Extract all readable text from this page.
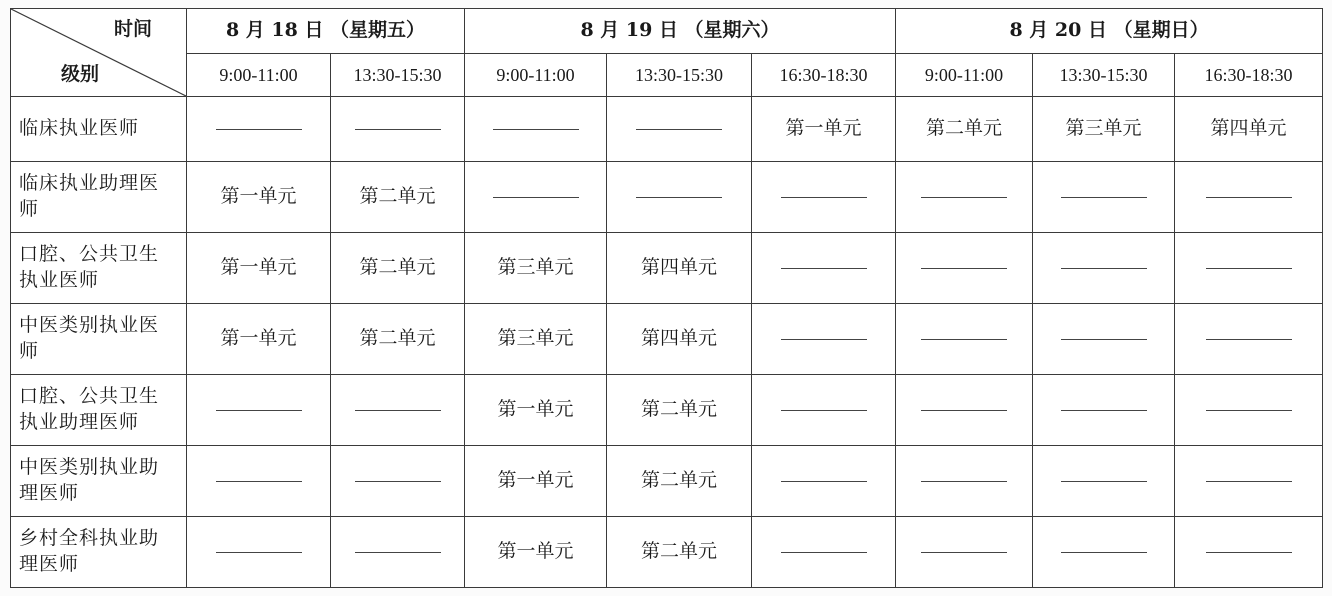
时间
级别	8 月 18 日 （星期五）		8 月 19 日 （星期六）			8 月 20 日 （星期日）		
	9:00-11:00	13:30-15:30	9:00-11:00	13:30-15:30	16:30-18:30	9:00-11:00	13:30-15:30	16:30-18:30
临床执业医师					第一单元	第二单元	第三单元	第四单元
临床执业助理医师	第一单元	第二单元						
口腔、公共卫生执业医师	第一单元	第二单元	第三单元	第四单元				
中医类别执业医师	第一单元	第二单元	第三单元	第四单元				
口腔、公共卫生执业助理医师			第一单元	第二单元				
中医类别执业助理医师			第一单元	第二单元				
乡村全科执业助理医师			第一单元	第二单元				
